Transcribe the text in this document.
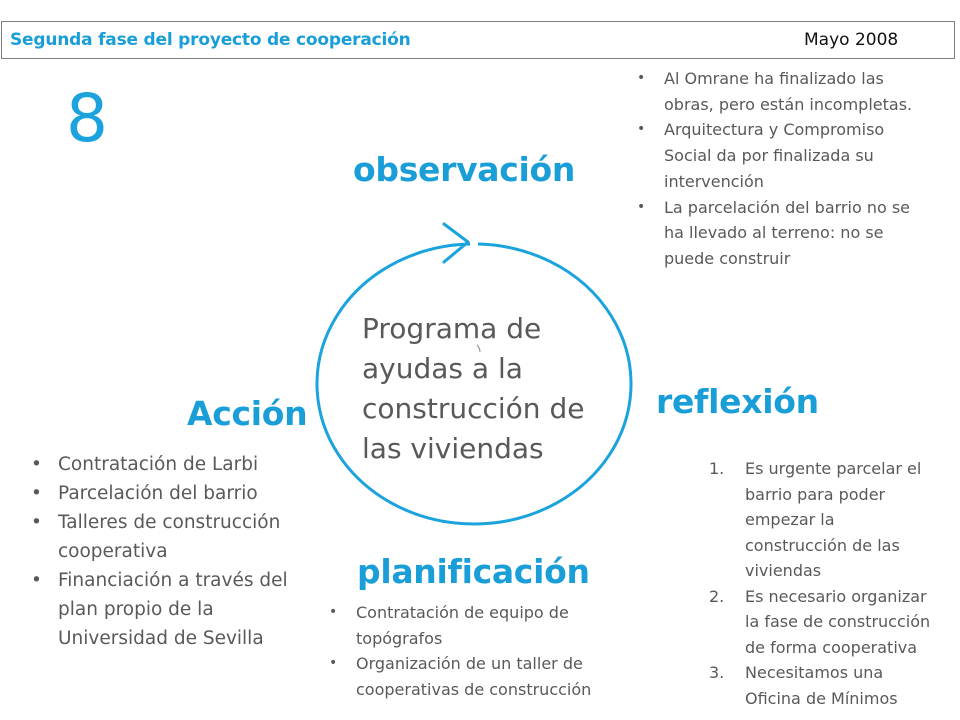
Segunda fase del proyecto de cooperación	Mayo 2008
8
Programa de ayudas a la construcción de las viviendas
observación
reflexión
planificación
Acción
• Al Omrane ha finalizado las obras, pero están incompletas.
• Arquitectura y Compromiso Social da por finalizada su intervención
• La parcelación del barrio no se ha llevado al terreno: no se puede construir
• Contratación de Larbi
• Parcelación del barrio
• Talleres de construcción cooperativa
• Financiación a través del plan propio de la Universidad de Sevilla
• Contratación de equipo de topógrafos
• Organización de un taller de cooperativas de construcción
1. Es urgente parcelar el barrio para poder empezar la construcción de las viviendas
2. Es necesario organizar la fase de construcción de forma cooperativa
3. Necesitamos una Oficina de Mínimos
